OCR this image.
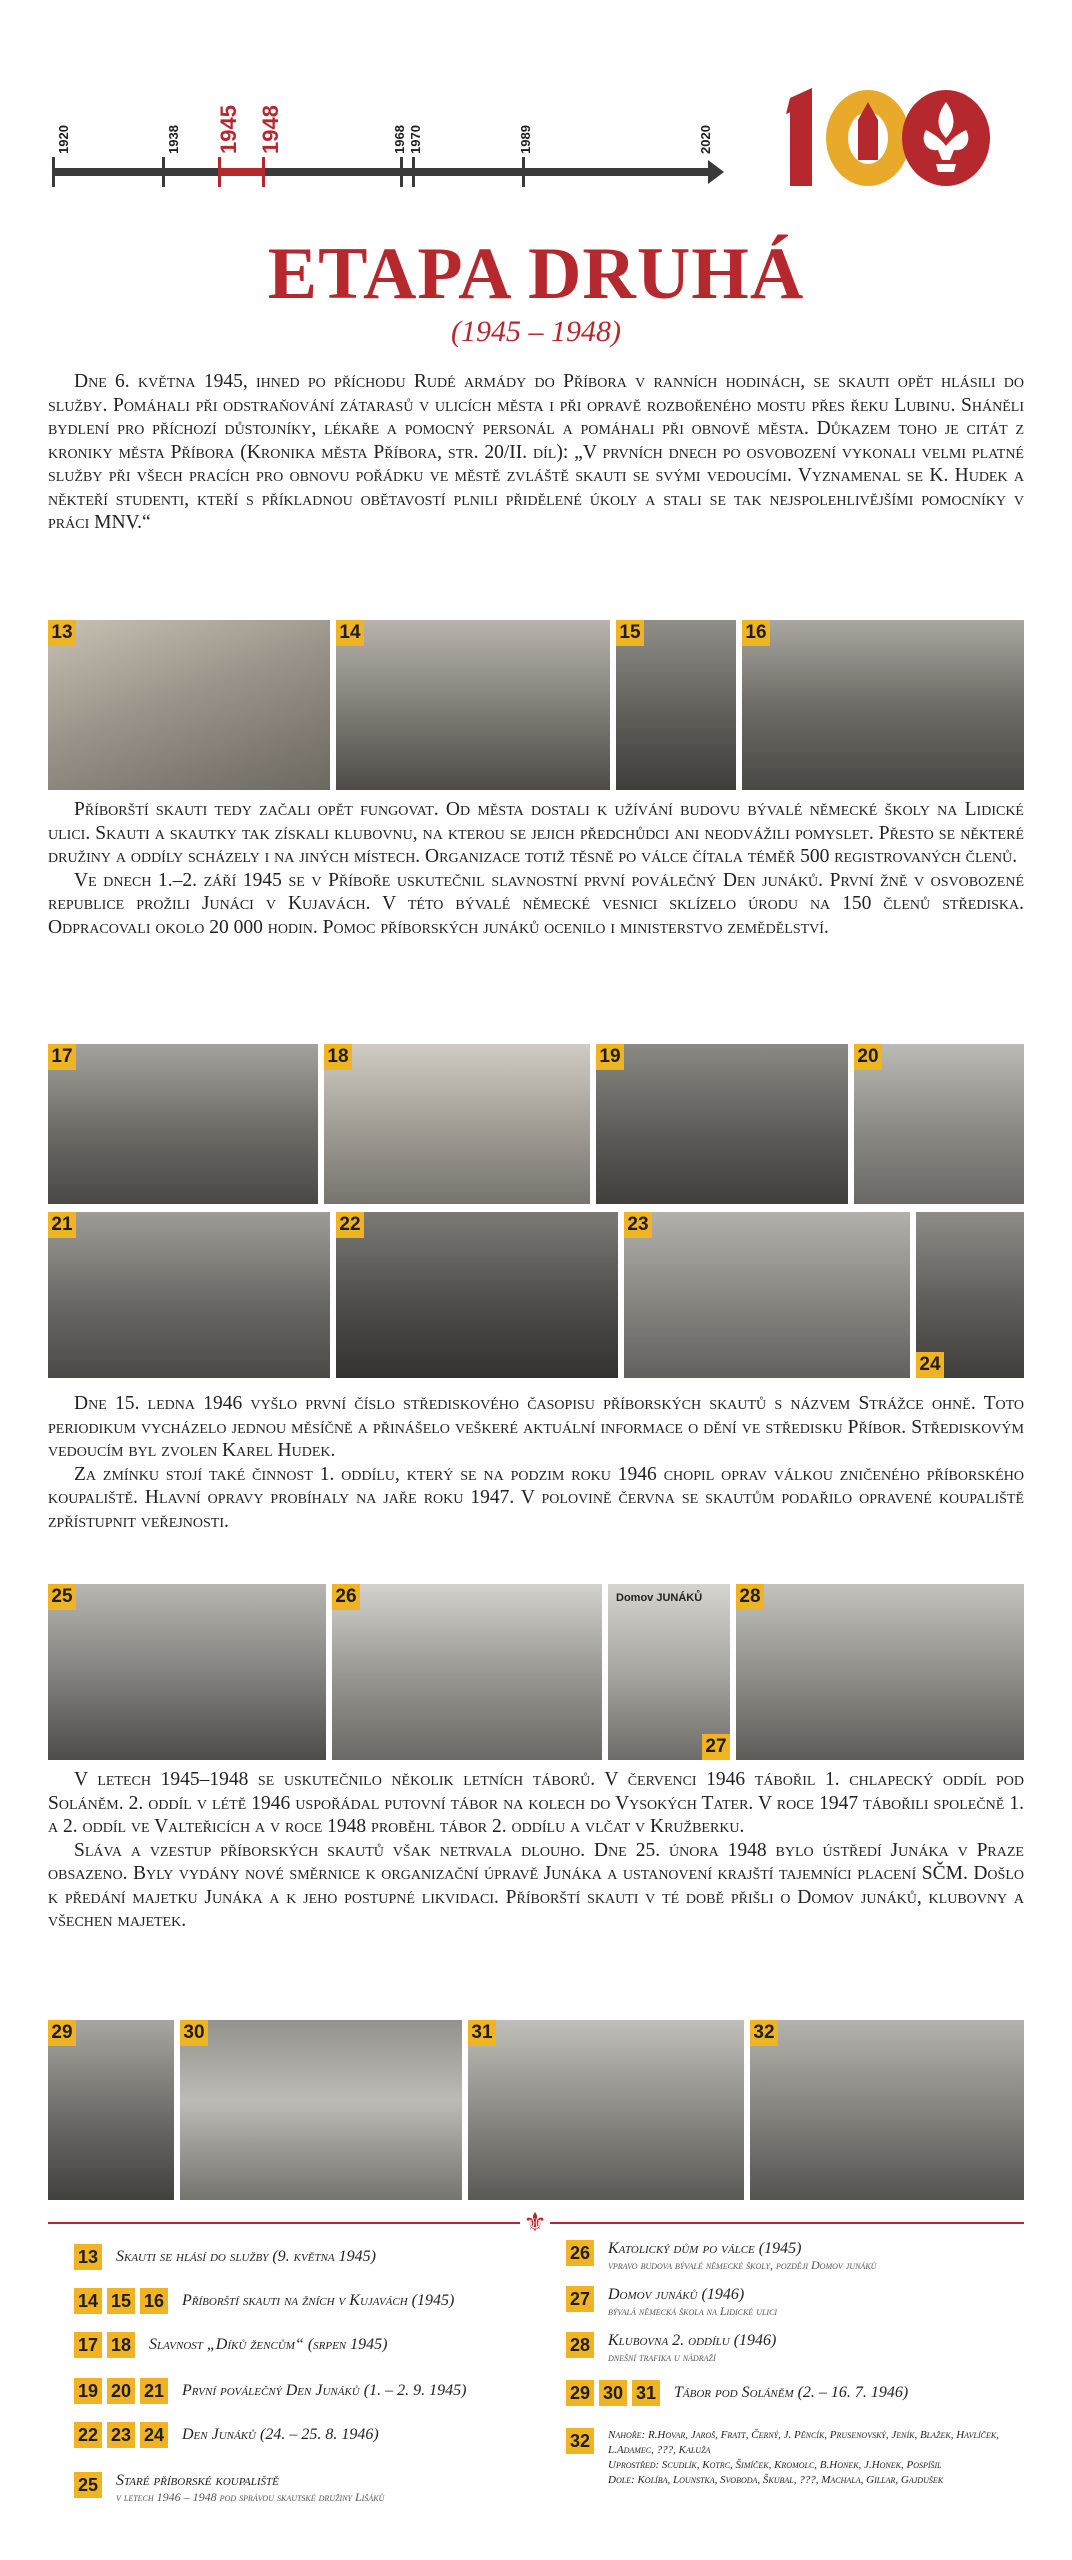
1920	1938 1945 1948	1968 1970	1989	2020
ETAPA DRUHÁ
(1945 – 1948)

Dne 6. května 1945, ihned po příchodu Rudé armády do Příbora v ranních hodinách, se skauti opět hlásili do služby. Pomáhali při odstraňování zátarasů v ulicích města i při opravě rozbořeného mostu přes řeku Lubinu. Sháněli bydlení pro příchozí důstojníky, lékaře a pomocný personál a pomáhali při obnově města. Důkazem toho je citát z kroniky města Příbora (Kronika města Příbora, str. 20/II. díl): „V prvních dnech po osvobození vykonali velmi platné služby při všech pracích pro obnovu pořádku ve městě zvláště skauti se svými vedoucími. Vyznamenal se K. Hudek a někteří studenti, kteří s příkladnou obětavostí plnili přidělené úkoly a stali se tak nejspolehlivějšími pomocníky v práci MNV.“

13	14	15	16

Příborští skauti tedy začali opět fungovat. Od města dostali k užívání budovu bývalé německé školy na Lidické ulici. Skauti a skautky tak získali klubovnu, na kterou se jejich předchůdci ani neodvážili pomyslet. Přesto se některé družiny a oddíly scházely i na jiných místech. Organizace totiž těsně po válce čítala téměř 500 registrovaných členů.

Ve dnech 1.–2. září 1945 se v Příboře uskutečnil slavnostní první poválečný Den junáků. První žně v osvobozené republice prožili Junáci v Kujavách. V této bývalé německé vesnici sklízelo úrodu na 150 členů střediska. Odpracovali okolo 20 000 hodin. Pomoc příborských junáků ocenilo i ministerstvo zemědělství.

17	18	19	20
21	22	23
24

Dne 15. ledna 1946 vyšlo první číslo střediskového časopisu příborských skautů s názvem Strážce ohně. Toto periodikum vycházelo jednou měsíčně a přinášelo veškeré aktuální informace o dění ve středisku Příbor. Střediskovým vedoucím byl zvolen Karel Hudek.

Za zmínku stojí také činnost 1. oddílu, který se na podzim roku 1946 chopil oprav válkou zničeného příborského koupaliště. Hlavní opravy probíhaly na jaře roku 1947. V polovině června se skautům podařilo opravené koupaliště zpřístupnit veřejnosti.

25	26	Domov JUNÁKŮ
27
28

V letech 1945–1948 se uskutečnilo několik letních táborů. V červenci 1946 tábořil 1. chlapecký oddíl pod Soláněm. 2. oddíl v létě 1946 uspořádal putovní tábor na kolech do Vysokých Tater. V roce 1947 tábořili společně 1. a 2. oddíl ve Valteřicích a v roce 1948 proběhl tábor 2. oddílu a vlčat v Kružberku.

Sláva a vzestup příborských skautů však netrvala dlouho. Dne 25. února 1948 bylo ústředí Junáka v Praze obsazeno. Byly vydány nové směrnice k organizační úpravě Junáka a ustanovení krajští tajemníci placení SČM. Došlo k předání majetku Junáka a k jeho postupné likvidaci. Příborští skauti v té době přišli o Domov junáků, klubovny a všechen majetek.

29	30	31	32
⚜
13 Skauti se hlásí do služby (9. května 1945)
14 15 16 Příborští skauti na žních v Kujavách (1945)
17 18 Slavnost „Díků žencům“ (srpen 1945)
19 20 21 První poválečný Den Junáků (1. – 2. 9. 1945)
22 23 24 Den Junáků (24. – 25. 8. 1946)
25 Staré příborské koupaliště
v letech 1946 – 1948 pod správou skautské družiny Lišáků
26 Katolický dům po válce (1945)
vpravo budova bývalé německé školy, později Domov junáků
27 Domov junáků (1946)
bývalá německá škola na Lidické ulici
28 Klubovna 2. oddílu (1946)
dnešní trafika u nádraží
29 30 31 Tábor pod Soláněm (2. – 16. 7. 1946)
32	Nahoře: R.Hovar, Jaroš, Fratt, Černý, J. Pěncík, Prusenovský, Jeník, Blažek, Havlíček, L.Adamec, ???, Kaluža
Uprostřed: Scudlík, Kotrc, Šimíček, Kromolc, B.Honek, J.Honek, Pospíšil
Dole: Kolíba, Lounstka, Svoboda, Škubal, ???, Machala, Gillar, Gajdušek
